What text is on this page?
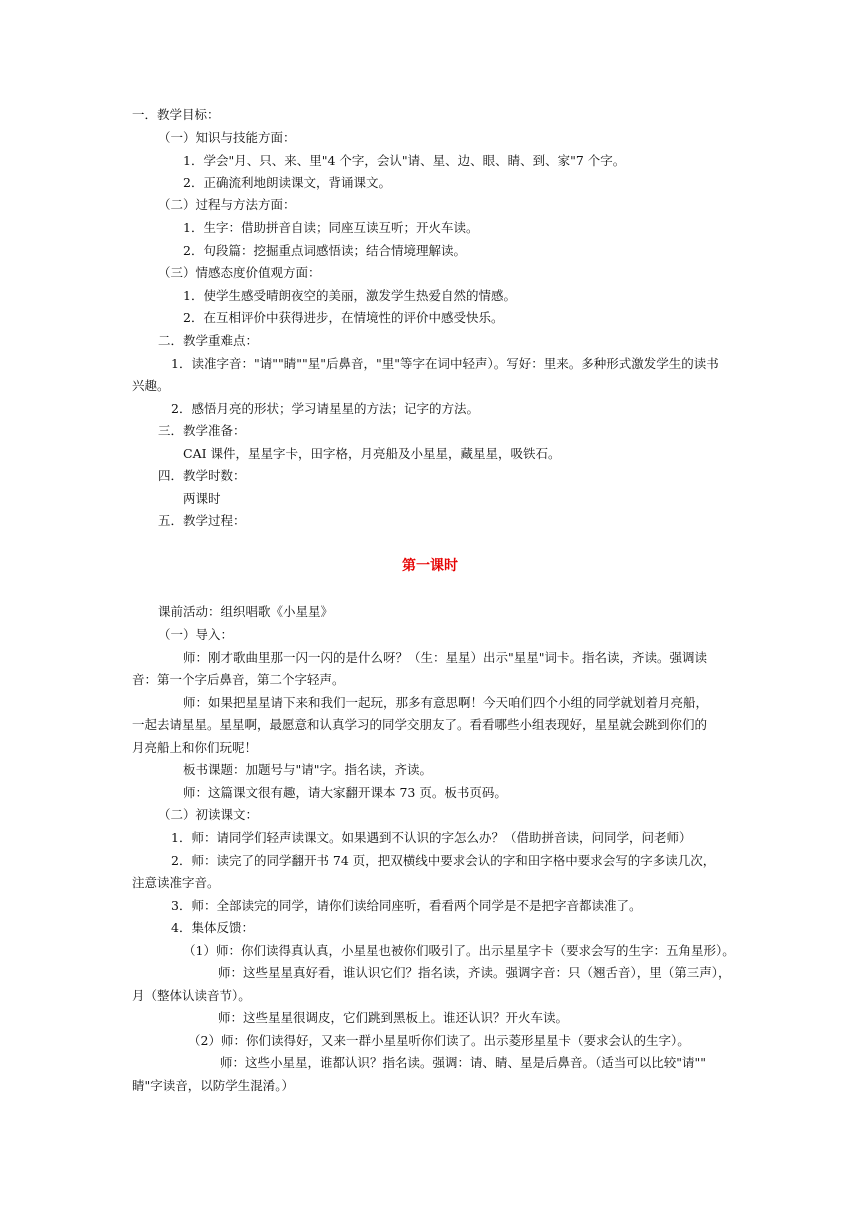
一．教学目标：
（一）知识与技能方面：
1．学会"月、只、来、里"4 个字，会认"请、星、边、眼、睛、到、家"7 个字。
2．正确流利地朗读课文，背诵课文。
（二）过程与方法方面：
1．生字：借助拼音自读；同座互读互听；开火车读。
2．句段篇：挖掘重点词感悟读；结合情境理解读。
（三）情感态度价值观方面：
1．使学生感受晴朗夜空的美丽，激发学生热爱自然的情感。
2．在互相评价中获得进步，在情境性的评价中感受快乐。
二．教学重难点：
1．读准字音："请""睛""星"后鼻音，"里"等字在词中轻声）。写好：里来。多种形式激发学生的读书
兴趣。
2．感悟月亮的形状；学习请星星的方法；记字的方法。
三．教学准备：
CAI 课件，星星字卡，田字格，月亮船及小星星，藏星星，吸铁石。
四．教学时数：
两课时
五．教学过程：
第一课时
课前活动：组织唱歌《小星星》
（一）导入：
师：刚才歌曲里那一闪一闪的是什么呀？（生：星星）出示"星星"词卡。指名读，齐读。强调读
音：第一个字后鼻音，第二个字轻声。
师：如果把星星请下来和我们一起玩，那多有意思啊！今天咱们四个小组的同学就划着月亮船，
一起去请星星。星星啊，最愿意和认真学习的同学交朋友了。看看哪些小组表现好，星星就会跳到你们的
月亮船上和你们玩呢！
板书课题：加题号与"请"字。指名读，齐读。
师：这篇课文很有趣，请大家翻开课本 73 页。板书页码。
（二）初读课文：
1．师：请同学们轻声读课文。如果遇到不认识的字怎么办？（借助拼音读，问同学，问老师）
2．师：读完了的同学翻开书 74 页，把双横线中要求会认的字和田字格中要求会写的字多读几次，
注意读准字音。
3．师：全部读完的同学，请你们读给同座听，看看两个同学是不是把字音都读准了。
4．集体反馈：
（1）师：你们读得真认真，小星星也被你们吸引了。出示星星字卡（要求会写的生字：五角星形）。
师：这些星星真好看，谁认识它们？指名读，齐读。强调字音：只（翘舌音），里（第三声），
月（整体认读音节）。
师：这些星星很调皮，它们跳到黑板上。谁还认识？开火车读。
（2）师：你们读得好，又来一群小星星听你们读了。出示菱形星星卡（要求会认的生字）。
师：这些小星星，谁都认识？指名读。强调：请、睛、星是后鼻音。（适当可以比较"请""
睛"字读音，以防学生混淆。）
